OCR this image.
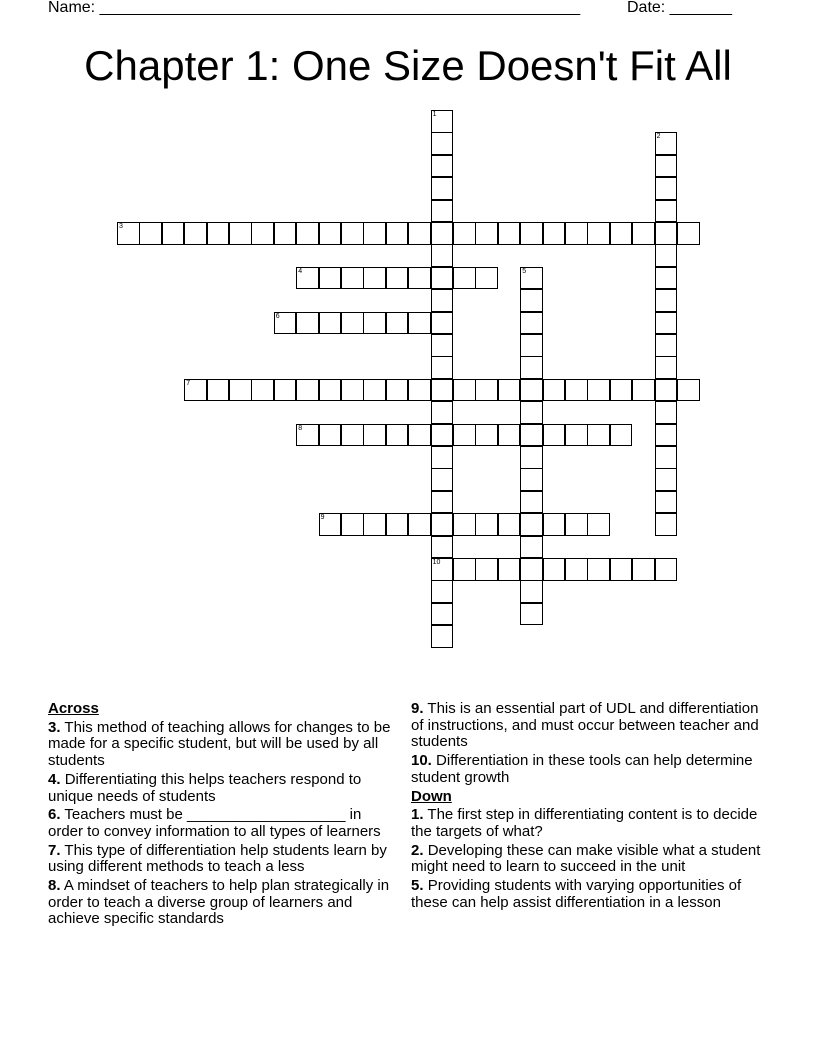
Name: ______________________________________________________	Date: _______
Chapter 1: One Size Doesn't Fit All
1
10
2
3
4	5
6
7
8
9
Across
3. This method of teaching allows for changes to be made for a specific student, but will be used by all students
4. Differentiating this helps teachers respond to unique needs of students
6. Teachers must be ___________________ in order to convey information to all types of learners
7. This type of differentiation help students learn by using different methods to teach a less
8. A mindset of teachers to help plan strategically in order to teach a diverse group of learners and achieve specific standards
9. This is an essential part of UDL and differentiation of instructions, and must occur between teacher and students
10. Differentiation in these tools can help determine student growth
Down
1. The first step in differentiating content is to decide the targets of what?
2. Developing these can make visible what a student might need to learn to succeed in the unit
5. Providing students with varying opportunities of these can help assist differentiation in a lesson
